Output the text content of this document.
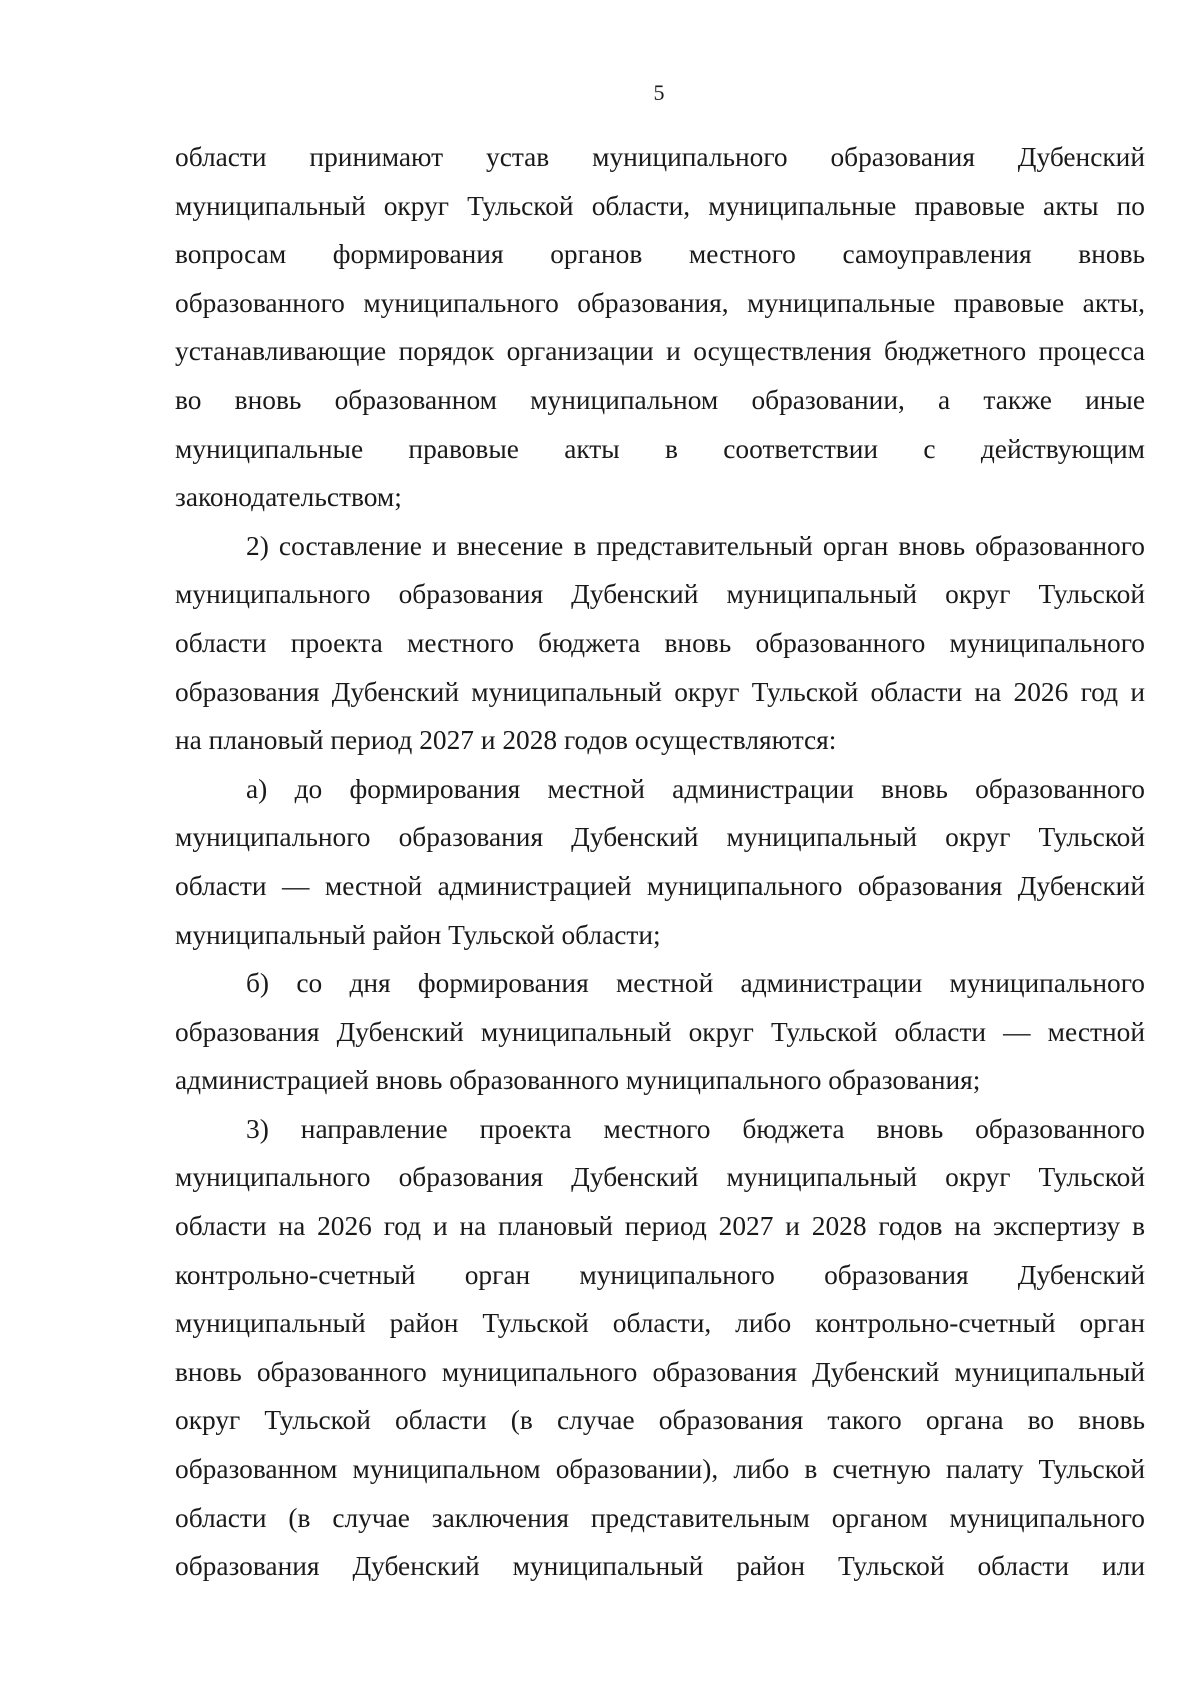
5
области принимают устав муниципального образования Дубенский
муниципальный округ Тульской области, муниципальные правовые акты по
вопросам формирования органов местного самоуправления вновь
образованного муниципального образования, муниципальные правовые акты,
устанавливающие порядок организации и осуществления бюджетного процесса
во вновь образованном муниципальном образовании, а также иные
муниципальные правовые акты в соответствии с действующим
законодательством;
2) составление и внесение в представительный орган вновь образованного
муниципального образования Дубенский муниципальный округ Тульской
области проекта местного бюджета вновь образованного муниципального
образования Дубенский муниципальный округ Тульской области на 2026 год и
на плановый период 2027 и 2028 годов осуществляются:
а) до формирования местной администрации вновь образованного
муниципального образования Дубенский муниципальный округ Тульской
области — местной администрацией муниципального образования Дубенский
муниципальный район Тульской области;
б) со дня формирования местной администрации муниципального
образования Дубенский муниципальный округ Тульской области — местной
администрацией вновь образованного муниципального образования;
3) направление проекта местного бюджета вновь образованного
муниципального образования Дубенский муниципальный округ Тульской
области на 2026 год и на плановый период 2027 и 2028 годов на экспертизу в
контрольно-счетный орган муниципального образования Дубенский
муниципальный район Тульской области, либо контрольно-счетный орган
вновь образованного муниципального образования Дубенский муниципальный
округ Тульской области (в случае образования такого органа во вновь
образованном муниципальном образовании), либо в счетную палату Тульской
области (в случае заключения представительным органом муниципального
образования Дубенский муниципальный район Тульской области или
